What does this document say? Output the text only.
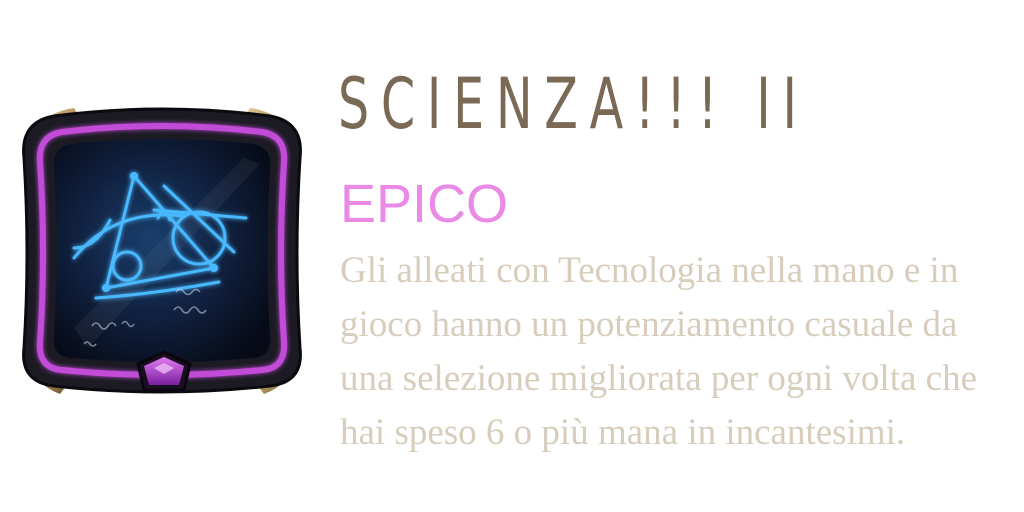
SCIENZA!!! II
EPICO

Gli alleati con Tecnologia nella mano e in gioco hanno un potenziamento casuale da una selezione migliorata per ogni volta che hai speso 6 o più mana in incantesimi.
